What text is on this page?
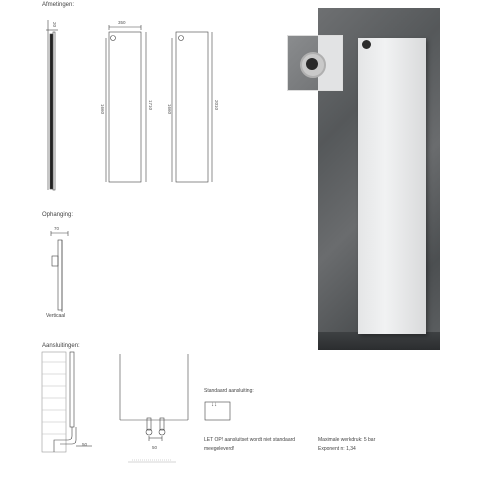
Afmetingen:
Ophanging:
Aansluitingen:
↓↓
20	350
1660	1710	1660	2010
70
Verticaal
50
50
Standaard aansluiting:
LET OP! aansluitset wordt niet standaard
meegeleverd!
Maximale werkdruk: 5 bar
Exponent n: 1,34
